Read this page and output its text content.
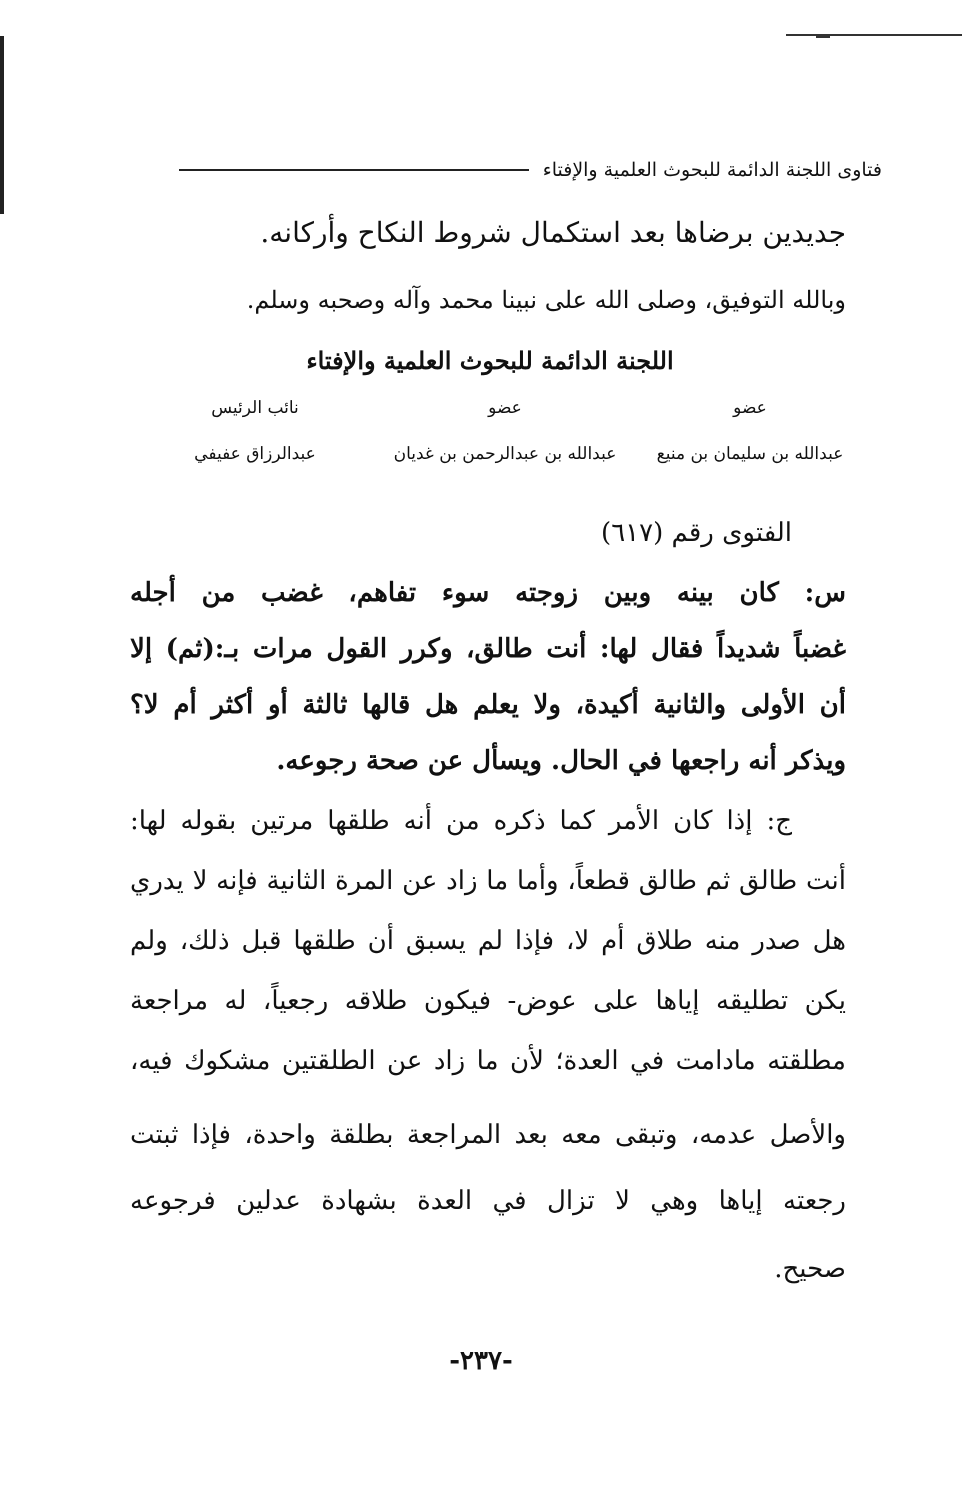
فتاوى اللجنة الدائمة للبحوث العلمية والإفتاء
جديدين برضاها بعد استكمال شروط النكاح وأركانه.
وبالله التوفيق، وصلى الله على نبينا محمد وآله وصحبه وسلم.
اللجنة الدائمة للبحوث العلمية والإفتاء
عضو
عضو
نائب الرئيس
عبدالله بن سليمان بن منيع
عبدالله بن عبدالرحمن بن غديان
عبدالرزاق عفيفي
الفتوى رقم (٦١٧)
س: كان بينه وبين زوجته سوء تفاهم، غضب من أجله
غضباً شديداً فقال لها: أنت طالق، وكرر القول مرات بـ:(ثم) إلا
أن الأولى والثانية أكيدة، ولا يعلم هل قالها ثالثة أو أكثر أم لا؟
ويذكر أنه راجعها في الحال. ويسأل عن صحة رجوعه.
ج: إذا كان الأمر كما ذكره من أنه طلقها مرتين بقوله لها:
أنت طالق ثم طالق قطعاً، وأما ما زاد عن المرة الثانية فإنه لا يدري
هل صدر منه طلاق أم لا، فإذا لم يسبق أن طلقها قبل ذلك، ولم
يكن تطليقه إياها على عوض- فيكون طلاقه رجعياً، له مراجعة
مطلقته مادامت في العدة؛ لأن ما زاد عن الطلقتين مشكوك فيه،
والأصل عدمه، وتبقى معه بعد المراجعة بطلقة واحدة، فإذا ثبتت
رجعته إياها وهي لا تزال في العدة بشهادة عدلين فرجوعه
صحيح.
-٢٣٧-
